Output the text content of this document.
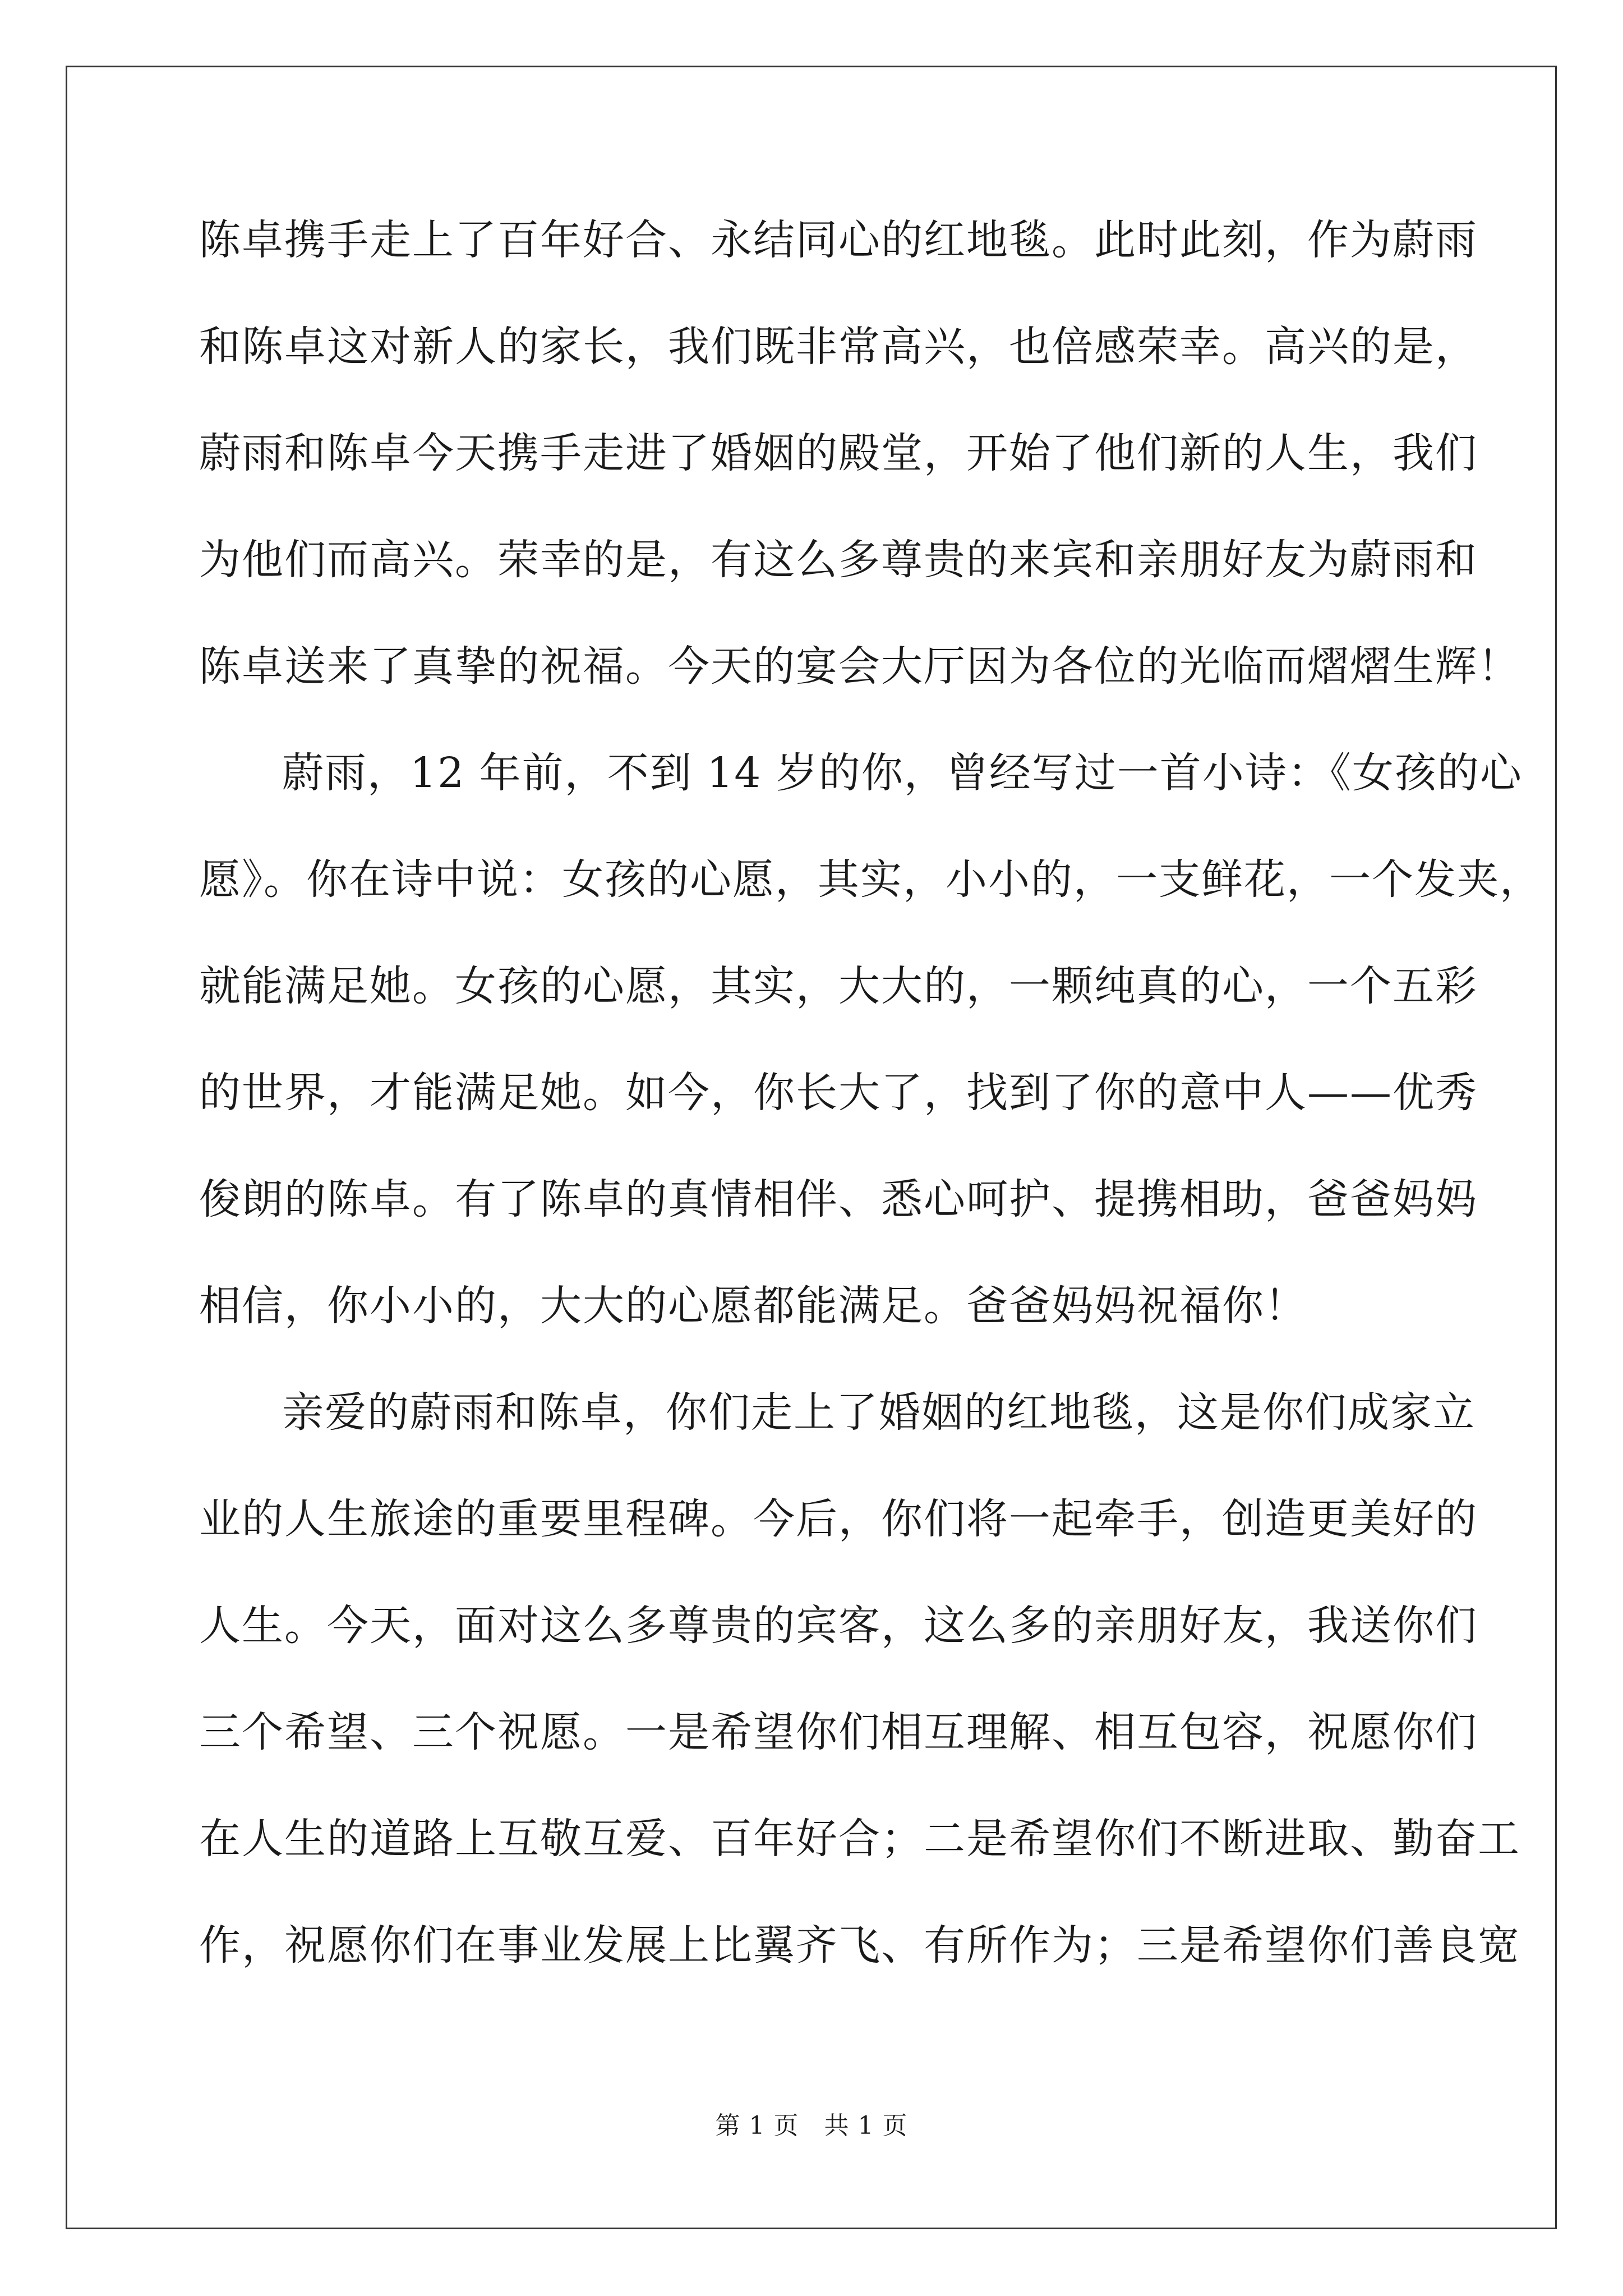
陈卓携手走上了百年好合、永结同心的红地毯。此时此刻，作为蔚雨
和陈卓这对新人的家长，我们既非常高兴，也倍感荣幸。高兴的是，
蔚雨和陈卓今天携手走进了婚姻的殿堂，开始了他们新的人生，我们
为他们而高兴。荣幸的是，有这么多尊贵的来宾和亲朋好友为蔚雨和
陈卓送来了真挚的祝福。今天的宴会大厅因为各位的光临而熠熠生辉！
蔚雨，12 年前，不到 14 岁的你，曾经写过一首小诗：《女孩的心
愿》。你在诗中说：女孩的心愿，其实，小小的，一支鲜花，一个发夹，
就能满足她。女孩的心愿，其实，大大的，一颗纯真的心，一个五彩
的世界，才能满足她。如今，你长大了，找到了你的意中人——优秀
俊朗的陈卓。有了陈卓的真情相伴、悉心呵护、提携相助，爸爸妈妈
相信，你小小的，大大的心愿都能满足。爸爸妈妈祝福你！
亲爱的蔚雨和陈卓，你们走上了婚姻的红地毯，这是你们成家立
业的人生旅途的重要里程碑。今后，你们将一起牵手，创造更美好的
人生。今天，面对这么多尊贵的宾客，这么多的亲朋好友，我送你们
三个希望、三个祝愿。一是希望你们相互理解、相互包容，祝愿你们
在人生的道路上互敬互爱、百年好合；二是希望你们不断进取、勤奋工
作，祝愿你们在事业发展上比翼齐飞、有所作为；三是希望你们善良宽
第 1 页　共 1 页
